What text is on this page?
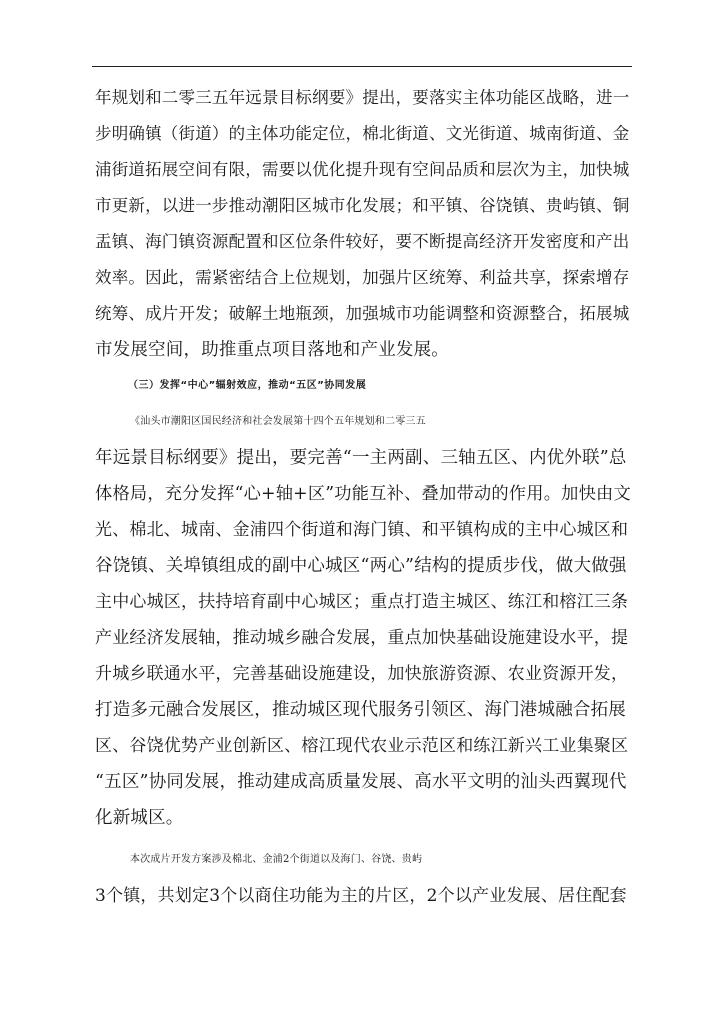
年规划和二零三五年远景目标纲要》提出，要落实主体功能区战略，进一
步明确镇（街道）的主体功能定位，棉北街道、文光街道、城南街道、金
浦街道拓展空间有限，需要以优化提升现有空间品质和层次为主，加快城
市更新，以进一步推动潮阳区城市化发展；和平镇、谷饶镇、贵屿镇、铜
盂镇、海门镇资源配置和区位条件较好，要不断提高经济开发密度和产出
效率。因此，需紧密结合上位规划，加强片区统筹、利益共享，探索增存
统筹、成片开发；破解土地瓶颈，加强城市功能调整和资源整合，拓展城
市发展空间，助推重点项目落地和产业发展。
（三）发挥“中心”辐射效应，推动“五区”协同发展
《汕头市潮阳区国民经济和社会发展第十四个五年规划和二零三五
年远景目标纲要》提出，要完善“一主两副、三轴五区、内优外联”总
体格局，充分发挥“心+轴+区”功能互补、叠加带动的作用。加快由文
光、棉北、城南、金浦四个街道和海门镇、和平镇构成的主中心城区和
谷饶镇、关埠镇组成的副中心城区“两心”结构的提质步伐，做大做强
主中心城区，扶持培育副中心城区；重点打造主城区、练江和榕江三条
产业经济发展轴，推动城乡融合发展，重点加快基础设施建设水平，提
升城乡联通水平，完善基础设施建设，加快旅游资源、农业资源开发，
打造多元融合发展区，推动城区现代服务引领区、海门港城融合拓展
区、谷饶优势产业创新区、榕江现代农业示范区和练江新兴工业集聚区
“五区”协同发展，推动建成高质量发展、高水平文明的汕头西翼现代
化新城区。
本次成片开发方案涉及棉北、金浦2个街道以及海门、谷饶、贵屿
3个镇，共划定3个以商住功能为主的片区，2个以产业发展、居住配套
